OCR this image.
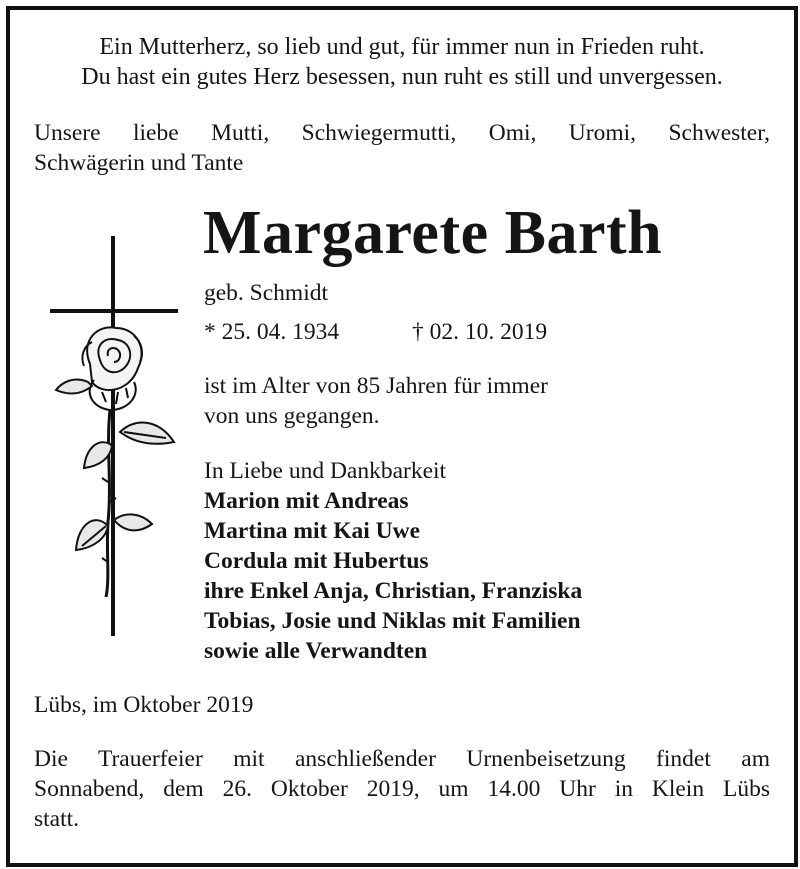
Ein Mutterherz, so lieb und gut, für immer nun in Frieden ruht.
Du hast ein gutes Herz besessen, nun ruht es still und unvergessen.
Unsere liebe Mutti, Schwiegermutti, Omi, Uromi, Schwester,
Schwägerin und Tante
Margarete Barth
geb. Schmidt
* 25. 04. 1934	† 02. 10. 2019
ist im Alter von 85 Jahren für immer
von uns gegangen.
In Liebe und Dankbarkeit
Marion mit Andreas
Martina mit Kai Uwe
Cordula mit Hubertus
ihre Enkel Anja, Christian, Franziska
Tobias, Josie und Niklas mit Familien
sowie alle Verwandten
Lübs, im Oktober 2019
Die Trauerfeier mit anschließender Urnenbeisetzung findet am
Sonnabend, dem 26. Oktober 2019, um 14.00 Uhr in Klein Lübs
statt.
